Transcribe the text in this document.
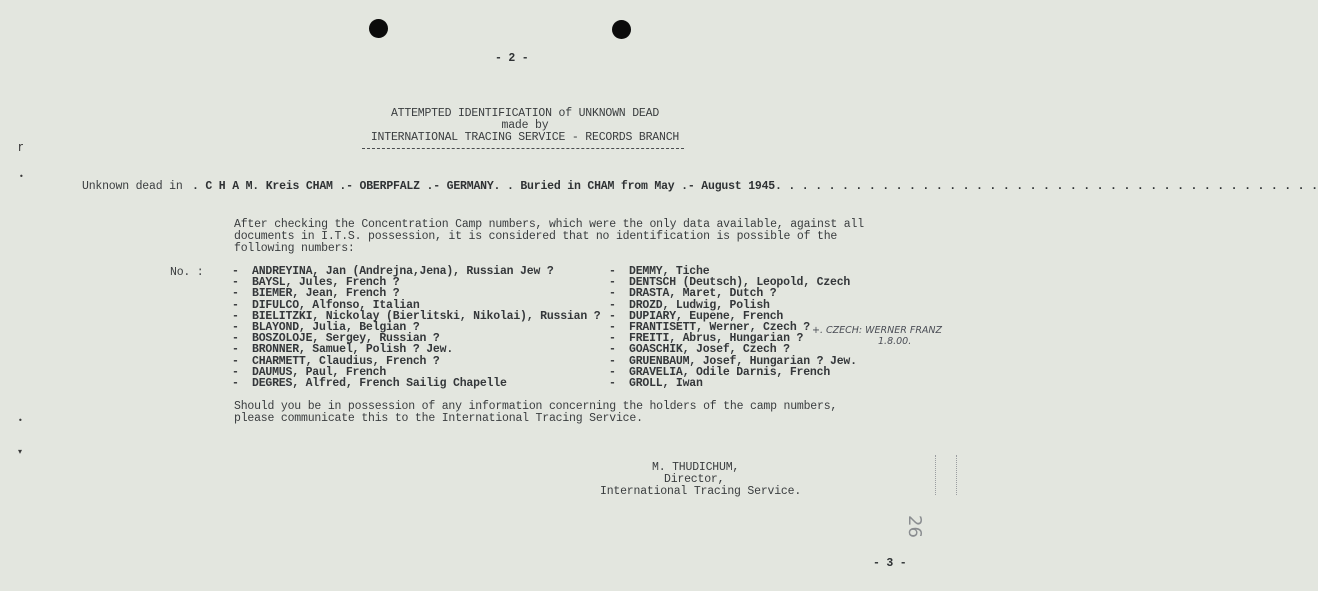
- 2 -
ATTEMPTED IDENTIFICATION of UNKNOWN DEAD
made by
INTERNATIONAL TRACING SERVICE - RECORDS BRANCH
Unknown dead in . C H A M. Kreis CHAM .- OBERPFALZ .- GERMANY. . Buried in CHAM from May .- August 1945. . . . . . . . . . . . . . . . . . . . . . . . . . . . . . . . . . . . . . . . .
After checking the Concentration Camp numbers, which were the only data available, against all
documents in I.T.S. possession, it is considered that no identification is possible of the
following numbers:
No. : - ANDREYINA, Jan (Andrejna,Jena), Russian Jew ?
- BAYSL, Jules, French ?
- BIEMER, Jean, French ?
- DIFULCO, Alfonso, Italian
- BIELITZKI, Nickolay (Bierlitski, Nikolai), Russian ?
- BLAYOND, Julia, Belgian ?
- BOSZOLOJE, Sergey, Russian ?
- BRONNER, Samuel, Polish ? Jew.
- CHARMETT, Claudius, French ?
- DAUMUS, Paul, French
- DEGRES, Alfred, French Sailig Chapelle
- DEMMY, Tiche
- DENTSCH (Deutsch), Leopold, Czech
- DRASTA, Maret, Dutch ?
- DROZD, Ludwig, Polish
- DUPIARY, Eupene, French
- FRANTISETT, Werner, Czech ?
- FREITI, Abrus, Hungarian ?
- GOASCHIK, Josef, Czech ?
- GRUENBAUM, Josef, Hungarian ? Jew.
- GRAVELIA, Odile Darnis, French
- GROLL, Iwan
+. CZECH: WERNER FRANZ
1.8.00.
Should you be in possession of any information concerning the holders of the camp numbers,
please communicate this to the International Tracing Service.
M. THUDICHUM,
Director,
International Tracing Service.
26
- 3 -
r
•
•
▾
